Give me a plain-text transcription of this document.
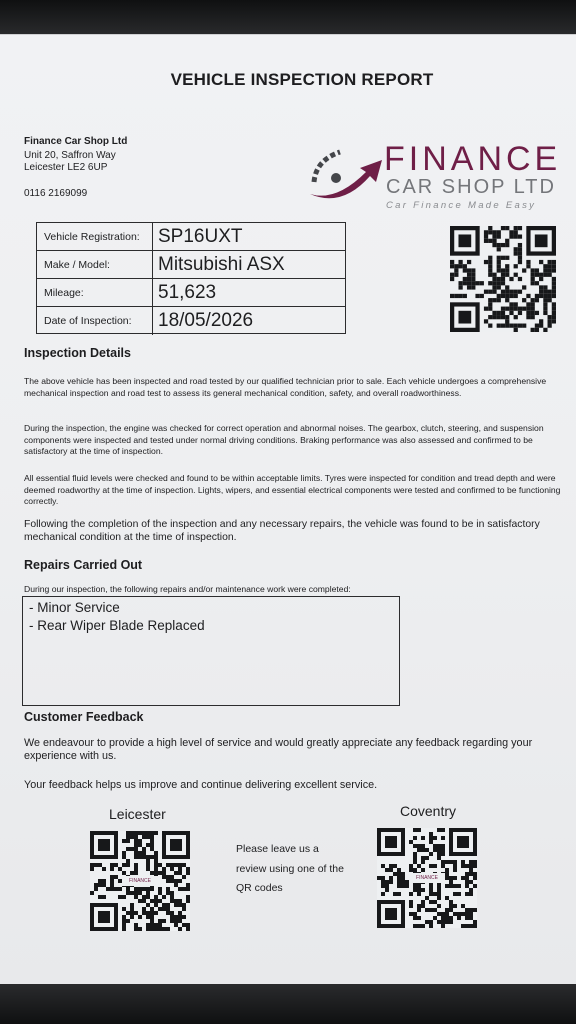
VEHICLE INSPECTION REPORT
Finance Car Shop Ltd
Unit 20, Saffron Way
Leicester LE2 6UP
0116 2169099
FINANCE
CAR SHOP LTD
Car Finance Made Easy
Vehicle Registration: SP16UXT
Make / Model:	Mitsubishi ASX
Mileage:	51,623
Date of Inspection:	18/05/2026
Inspection Details
The above vehicle has been inspected and road tested by our qualified technician prior to sale. Each vehicle undergoes a comprehensive mechanical inspection and road test to assess its general mechanical condition, safety, and overall roadworthiness.
During the inspection, the engine was checked for correct operation and abnormal noises. The gearbox, clutch, steering, and suspension components were inspected and tested under normal driving conditions. Braking performance was also assessed and confirmed to be satisfactory at the time of inspection.
All essential fluid levels were checked and found to be within acceptable limits. Tyres were inspected for condition and tread depth and were deemed roadworthy at the time of inspection. Lights, wipers, and essential electrical components were tested and confirmed to be functioning correctly.
Following the completion of the inspection and any necessary repairs, the vehicle was found to be in satisfactory mechanical condition at the time of inspection.
Repairs Carried Out
During our inspection, the following repairs and/or maintenance work were completed:
- Minor Service
- Rear Wiper Blade Replaced
Customer Feedback
We endeavour to provide a high level of service and would greatly appreciate any feedback regarding your experience with us.
Your feedback helps us improve and continue delivering excellent service.
Leicester	Coventry
FINANCE
Please leave us a review using one of the QR codes
FINANCE
